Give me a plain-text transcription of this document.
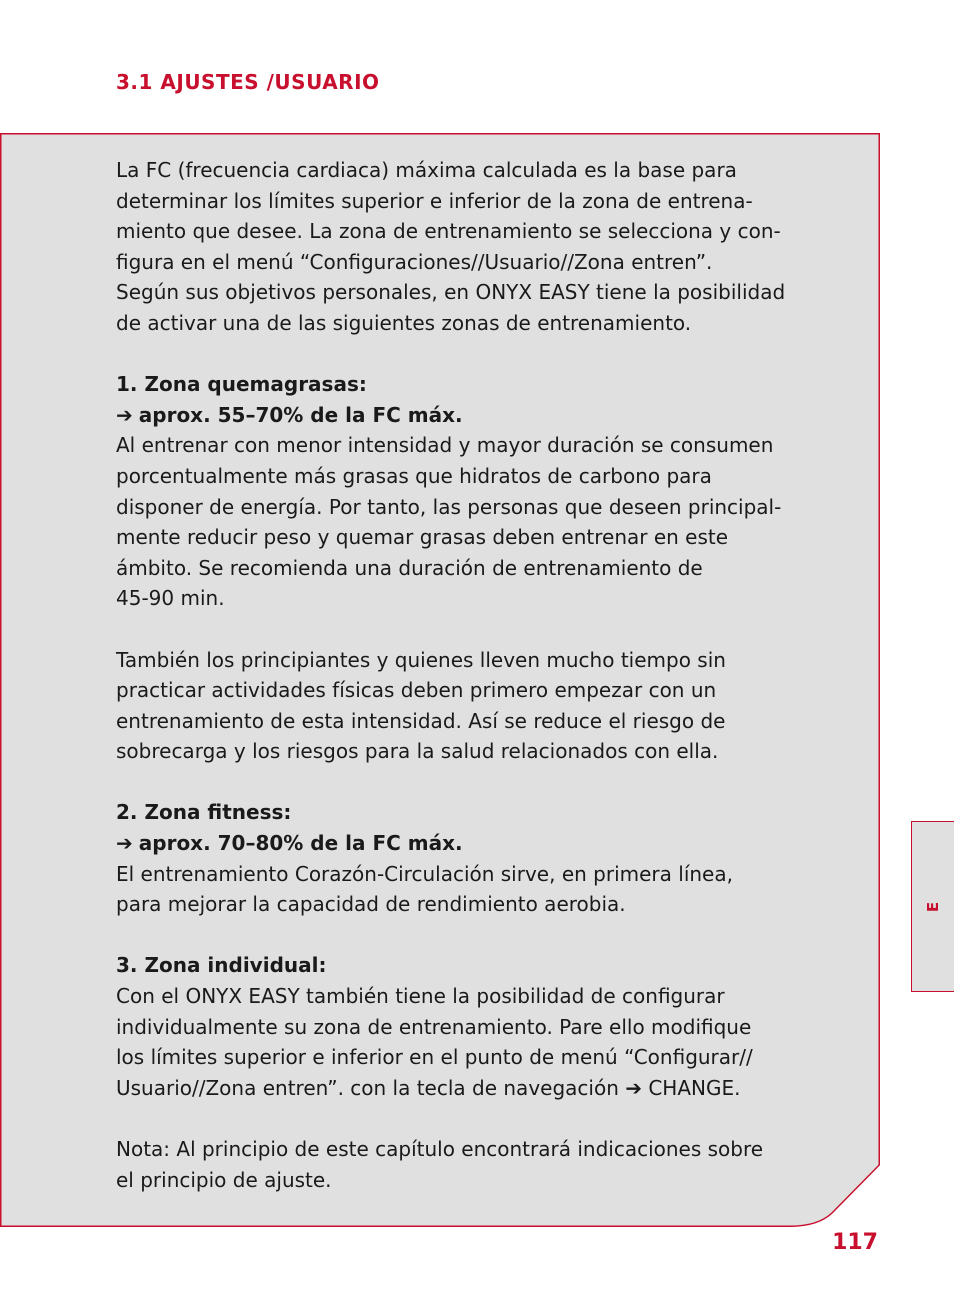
3.1 AJUSTES /USUARIO

La FC (frecuencia cardiaca) máxima calculada es la base para

determinar los límites superior e inferior de la zona de entrena-

miento que desee. La zona de entrenamiento se selecciona y con-

figura en el menú “Configuraciones//Usuario//Zona entren”.

Según sus objetivos personales, en ONYX EASY tiene la posibilidad

de activar una de las siguientes zonas de entrenamiento.

1. Zona quemagrasas:

➔ aprox. 55–70% de la FC máx.

Al entrenar con menor intensidad y mayor duración se consumen

porcentualmente más grasas que hidratos de carbono para

disponer de energía. Por tanto, las personas que deseen principal-

mente reducir peso y quemar grasas deben entrenar en este

ámbito. Se recomienda una duración de entrenamiento de

45-90 min.

También los principiantes y quienes lleven mucho tiempo sin

practicar actividades físicas deben primero empezar con un

entrenamiento de esta intensidad. Así se reduce el riesgo de

sobrecarga y los riesgos para la salud relacionados con ella.

2. Zona fitness:

➔ aprox. 70–80% de la FC máx.

El entrenamiento Corazón-Circulación sirve, en primera línea,

para mejorar la capacidad de rendimiento aerobia.

3. Zona individual:

Con el ONYX EASY también tiene la posibilidad de configurar

individualmente su zona de entrenamiento. Pare ello modifique

los límites superior e inferior en el punto de menú “Configurar//

Usuario//Zona entren”. con la tecla de navegación ➔ CHANGE.

Nota: Al principio de este capítulo encontrará indicaciones sobre

el principio de ajuste.

E
117
